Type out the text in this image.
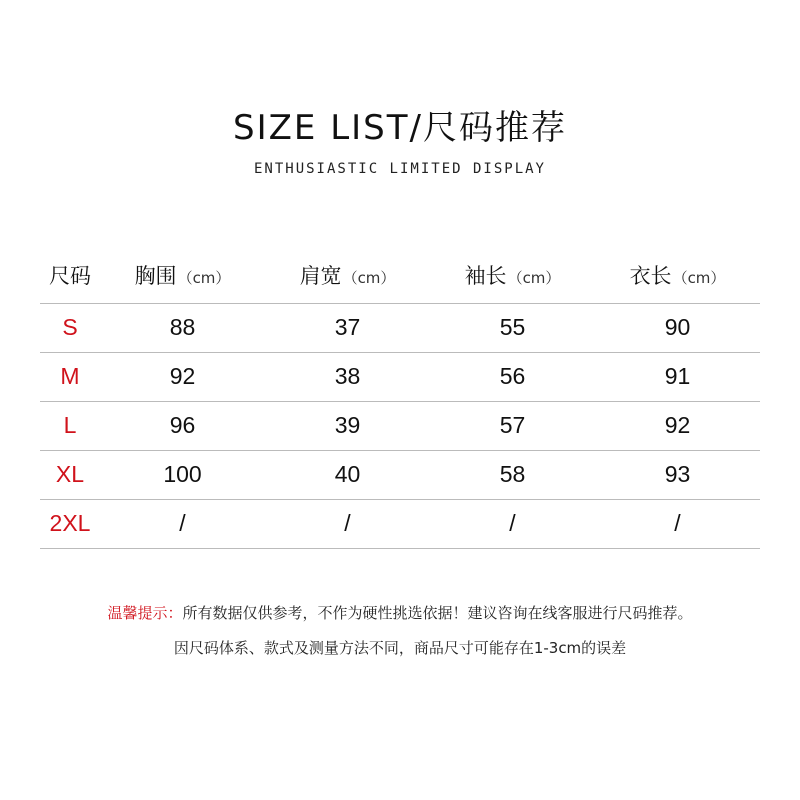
SIZE LIST/尺码推荐
ENTHUSIASTIC LIMITED DISPLAY
尺码	胸围（cm）	肩宽（cm）	袖长（cm）	衣长（cm）
S	88	37	55	90
M	92	38	56	91
L	96	39	57	92
XL	100	40	58	93
2XL	/	/	/	/
温馨提示：所有数据仅供参考，不作为硬性挑选依据！建议咨询在线客服进行尺码推荐。
因尺码体系、款式及测量方法不同，商品尺寸可能存在1-3cm的误差
